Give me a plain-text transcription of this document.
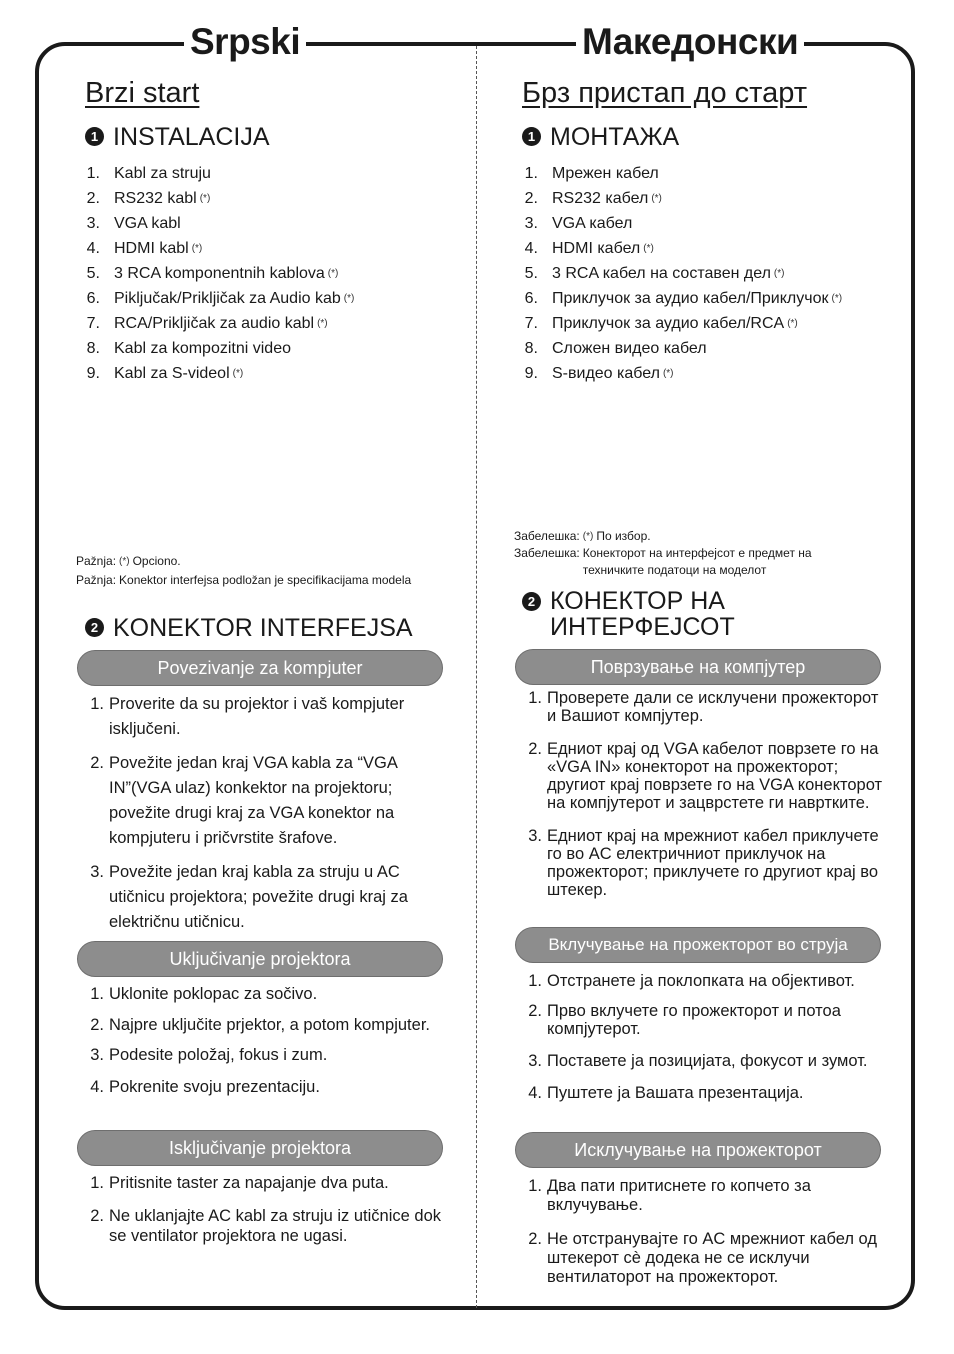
Srpski	Македонски
Brzi start
1 INSTALACIJA
1. Kabl za struju
2. RS232 kabl (*)
3. VGA kabl
4. HDMI kabl (*)
5. 3 RCA komponentnih kablova (*)
6. Piključak/Prikljičak za Audio kab (*)
7. RCA/Prikljičak za audio kabl (*)
8. Kabl za kompozitni video
9. Kabl za S-videol (*)
Pažnja: (*) Opciono.
Pažnja: Konektor interfejsa podložan je specifikacijama modela
2 KONEKTOR INTERFEJSA
Povezivanje za kompjuter
1. Proverite da su projektor i vaš kompjuter isključeni.
2. Povežite jedan kraj VGA kabla za “VGA IN”(VGA ulaz) konkektor na projektoru; povežite drugi kraj za VGA konektor na kompjuteru i pričvrstite šrafove.
3. Povežite jedan kraj kabla za struju u AC utičnicu projektora; povežite drugi kraj za električnu utičnicu.
Uključivanje projektora
1. Uklonite poklopac za sočivo.
2. Najpre uključite prjektor, a potom kompjuter.
3. Podesite položaj, fokus i zum.
4. Pokrenite svoju prezentaciju.
Isključivanje projektora
1. Pritisnite taster za napajanje dva puta.
2. Ne uklanjajte AC kabl za struju iz utičnice dok se ventilator projektora ne ugasi.
Брз пристап до старт
1 МОНТАЖА
1. Мрежен кабел
2. RS232 кабел (*)
3. VGA кабел
4. HDMI кабел (*)
5. 3 RCA кабел на составен дел (*)
6. Приклучок за аудио кабел/Приклучок (*)
7. Приклучок за аудио кабел/RCA (*)
8. Сложен видео кабел
9. S-видео кабел (*)
Забелешка: (*) По избор.
Забелешка: Конекторот на интерфејсот е предмет на техничките податоци на моделот
2 КОНЕКТОР НА ИНТЕРФЕЈСОТ
Поврзување на компјутер
1. Проверете дали се исклучени прожекторот и Вашиот компјутер.
2. Едниот крај од VGA кабелот поврзете го на «VGA IN» конекторот на прожекторот; другиот крај поврзете го на VGA конекторот на компјутерот и зацврстете ги навртките.
3. Едниот крај на мрежниот кабел приклучете го во AC електричниот приклучок на прожекторот; приклучете го другиот крај во штекер.
Вклучување на прожекторот во струја
1. Отстранете ја поклопката на објективот.
2. Прво вклучете го прожекторот и потоа компјутерот.
3. Поставете ја позицијата, фокусот и зумот.
4. Пуштете ја Вашата презентација.
Исклучување на прожекторот
1. Два пати притиснете го копчето за вклучување.
2. Не отстранувајте го AC мрежниот кабел од штекерот сè додека не се исклучи вентилаторот на прожекторот.
